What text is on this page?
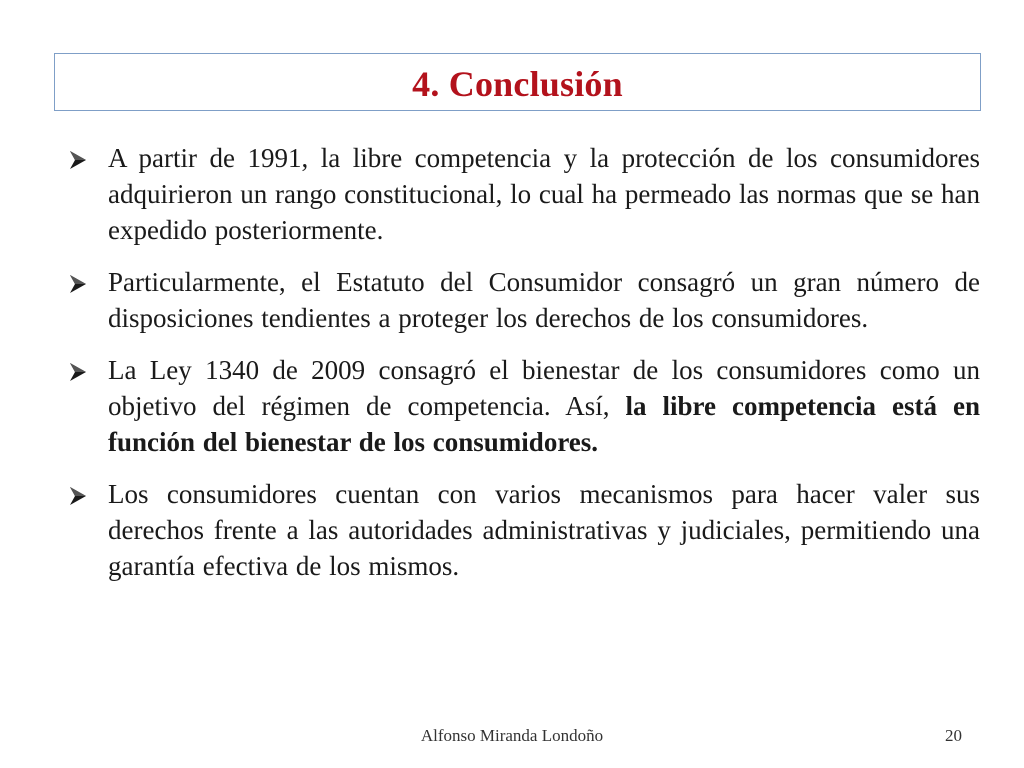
4. Conclusión
A partir de 1991, la libre competencia y la protección de los consumidores adquirieron un rango constitucional, lo cual ha permeado las normas que se han expedido posteriormente.
Particularmente, el Estatuto del Consumidor consagró un gran número de disposiciones tendientes a proteger los derechos de los consumidores.
La Ley 1340 de 2009 consagró el bienestar de los consumidores como un objetivo del régimen de competencia. Así, la libre competencia está en función del bienestar de los consumidores.
Los consumidores cuentan con varios mecanismos para hacer valer sus derechos frente a las autoridades administrativas y judiciales, permitiendo una garantía efectiva de los mismos.
Alfonso Miranda Londoño	20
